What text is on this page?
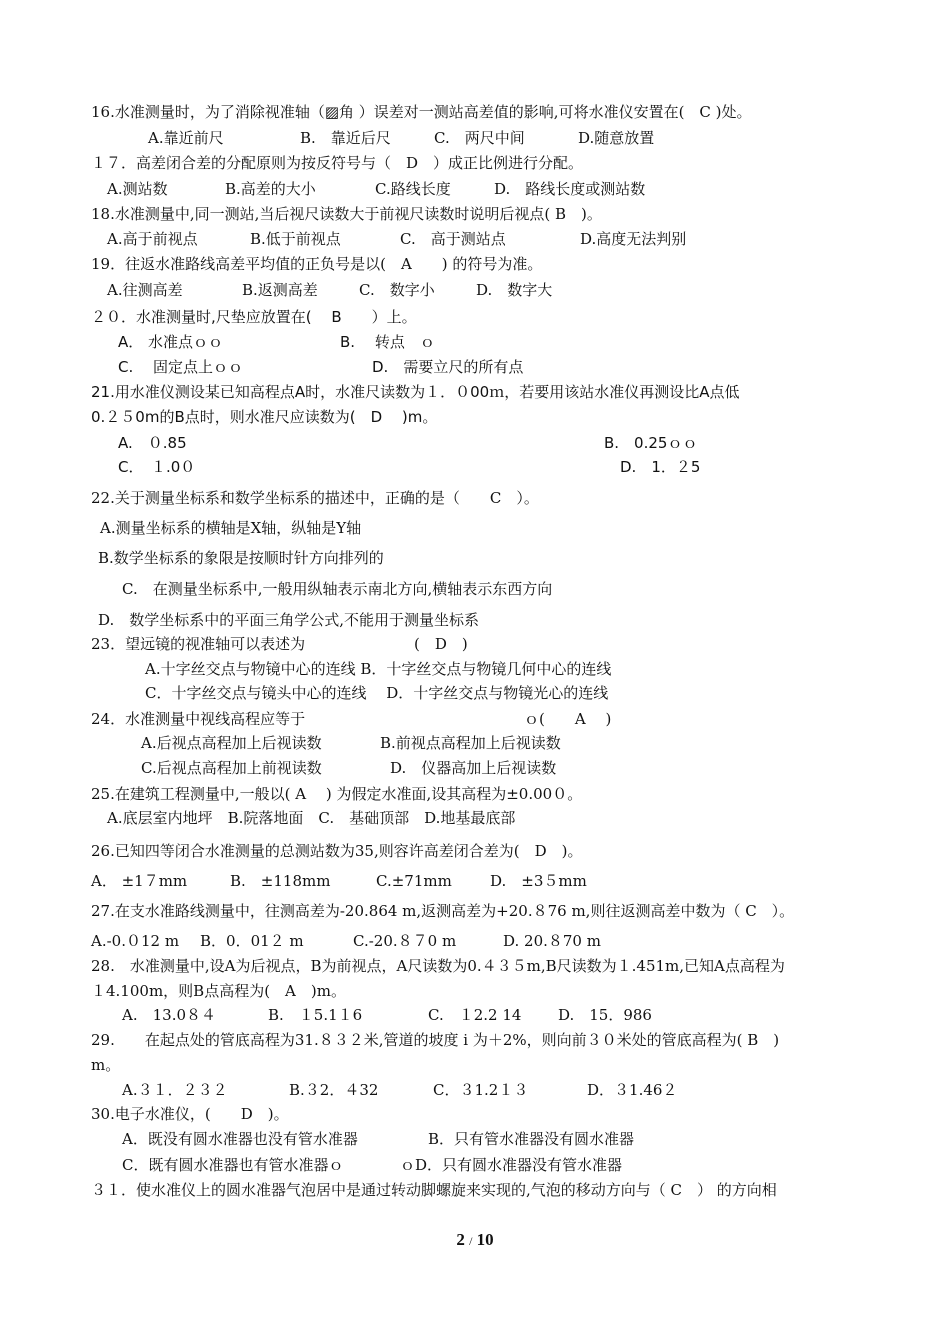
16.水准测量时，为了消除视准轴（▨角 ）误差对一测站高差值的影响,可将水准仪安置在(　C )处。
A.靠近前尺	B.　靠近后尺	C.　两尺中间	D.随意放置
１７．高差闭合差的分配原则为按反符号与（　D　）成正比例进行分配。
A.测站数	B.高差的大小	C.路线长度	D.　路线长度或测站数
18.水准测量中,同一测站,当后视尺读数大于前视尺读数时说明后视点( B　)。
A.高于前视点	B.低于前视点	C.　高于测站点	D.高度无法判别
19．往返水准路线高差平均值的正负号是以(　A　　) 的符号为准。
A.往测高差	B.返测高差	C.　数字小	D.　数字大
２０．水准测量时,尺垫应放置在(　 B　　）上。
A． 水准点ｏｏ	B.　 转点　ｏ
C.　 固定点上ｏｏ	D.　需要立尺的所有点
21.用水准仪测设某已知高程点A时，水准尺读数为１．０00ｍ，若要用该站水准仪再测设比A点低
0.２５0m的B点时，则水准尺应读数为(　D　 )m。
A.　０.85	B.　0.25ｏｏ
C．　１.0０	D.　1．２5
22.关于测量坐标系和数学坐标系的描述中，正确的是（　　C　）。
A.测量坐标系的横轴是X轴，纵轴是Y轴
B.数学坐标系的象限是按顺时针方向排列的
C.　在测量坐标系中,一般用纵轴表示南北方向,横轴表示东西方向
D.　数学坐标系中的平面三角学公式,不能用于测量坐标系
23．望远镜的视准轴可以表述为	(　D　)
A.十字丝交点与物镜中心的连线 B．十字丝交点与物镜几何中心的连线
C．十字丝交点与镜头中心的连线　 D．十字丝交点与物镜光心的连线
24．水准测量中视线高程应等于	ｏ(　　A　 )
A.后视点高程加上后视读数	B.前视点高程加上后视读数
C.后视点高程加上前视读数	D.　仪器高加上后视读数
25.在建筑工程测量中,一般以( A　 ) 为假定水准面,设其高程为±0.00０。
A.底层室内地坪　B.院落地面　C.　基础顶部　D.地基最底部
26.已知四等闭合水准测量的总测站数为35,则容许高差闭合差为(　D　)。
A． ±1７mm	B.　±118mm	C.±71mm	D.　±3５mm
27.在支水准路线测量中，往测高差为-20.864 m,返测高差为+20.８76 m,则往返测高差中数为（ C　）。
A.-0.０12 m B．0．01２ m	C.-20.８７0 m	D. 20.８70 m
28.　水准测量中,设A为后视点，B为前视点，A尺读数为0.４３５m,B尺读数为１.451m,已知A点高程为
１4.100m，则B点高程为(　A　)m。
A.　13.0８４	B.　１5.1１6	C.　１2.2 14 D.　15．986
29.　　在起点处的管底高程为31.８３２米,管道的坡度 i 为＋2%，则向前３０米处的管底高程为( B　)
m。
A.３１．２３２	B.３2．４32	C．３1.2１３	D．３1.46２
30.电子水准仪，(　　D　)。
A．既没有圆水准器也没有管水准器	B．只有管水准器没有圆水准器
C．既有圆水准器也有管水准器ｏ	ｏD．只有圆水准器没有管水准器
３１．使水准仪上的圆水准器气泡居中是通过转动脚螺旋来实现的,气泡的移动方向与（ C　） 的方向相
2 / 10
